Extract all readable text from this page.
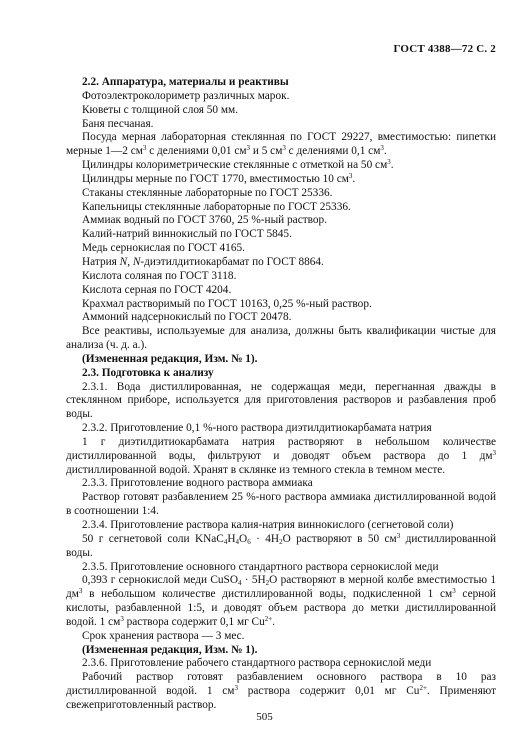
ГОСТ 4388—72 С. 2

2.2. Аппаратура, материалы и реактивы

Фотоэлектроколориметр различных марок.

Кюветы с толщиной слоя 50 мм.

Баня песчаная.

Посуда мерная лабораторная стеклянная по ГОСТ 29227, вместимостью: пипетки мерные 1—2 $см^3$ с делениями 0,01 $см^3$ и 5 $см^3$ с делениями 0,1 $см^3$.

Цилиндры колориметрические стеклянные с отметкой на 50 $см^3$.

Цилиндры мерные по ГОСТ 1770, вместимостью 10 $см^3$.

Стаканы стеклянные лабораторные по ГОСТ 25336.

Капельницы стеклянные лабораторные по ГОСТ 25336.

Аммиак водный по ГОСТ 3760, 25 %-ный раствор.

Калий-натрий виннокислый по ГОСТ 5845.

Медь сернокислая по ГОСТ 4165.

Натрия N, N-диэтилдитиокарбамат по ГОСТ 8864.

Кислота соляная по ГОСТ 3118.

Кислота серная по ГОСТ 4204.

Крахмал растворимый по ГОСТ 10163, 0,25 %-ный раствор.

Аммоний надсернокислый по ГОСТ 20478.

Все реактивы, используемые для анализа, должны быть квалификации чистые для анализа (ч. д. а.).

(Измененная редакция, Изм. № 1).

2.3. Подготовка к анализу

2.3.1. Вода дистиллированная, не содержащая меди, перегнанная дважды в стеклянном приборе, используется для приготовления растворов и разбавления проб воды.

2.3.2. Приготовление 0,1 %-ного раствора диэтилдитиокарбамата натрия

1 г диэтилдитиокарбамата натрия растворяют в небольшом количестве дистиллированной воды, фильтруют и доводят объем раствора до 1 $дм^3$ дистиллированной водой. Хранят в склянке из темного стекла в темном месте.

2.3.3. Приготовление водного раствора аммиака

Раствор готовят разбавлением 25 %-ного раствора аммиака дистиллированной водой в соотношении 1:4.

2.3.4. Приготовление раствора калия-натрия виннокислого (сегнетовой соли)

50 г сегнетовой соли $KNaC_4H_4O_6 \cdot 4H_2O$ растворяют в 50 $см^3$ дистиллированной воды.

2.3.5. Приготовление основного стандартного раствора сернокислой меди

0,393 г сернокислой меди CuSO$_4$ · $5H_2O$ растворяют в мерной колбе вместимостью 1 $дм^3$ в небольшом количестве дистиллированной воды, подкисленной 1 $см^3$ серной кислоты, разбавленной 1:5, и доводят объем раствора до метки дистиллированной водой. 1 $см^3$ раствора содержит 0,1 мг $Cu^{2+}$.

Срок хранения раствора — 3 мес.

(Измененная редакция, Изм. № 1).

2.3.6. Приготовление рабочего стандартного раствора сернокислой меди

Рабочий раствор готовят разбавлением основного раствора в 10 раз дистиллированной водой. 1 $см^3$ раствора содержит 0,01 мг $Cu^{2+}$. Применяют свежеприготовленный раствор.

505
